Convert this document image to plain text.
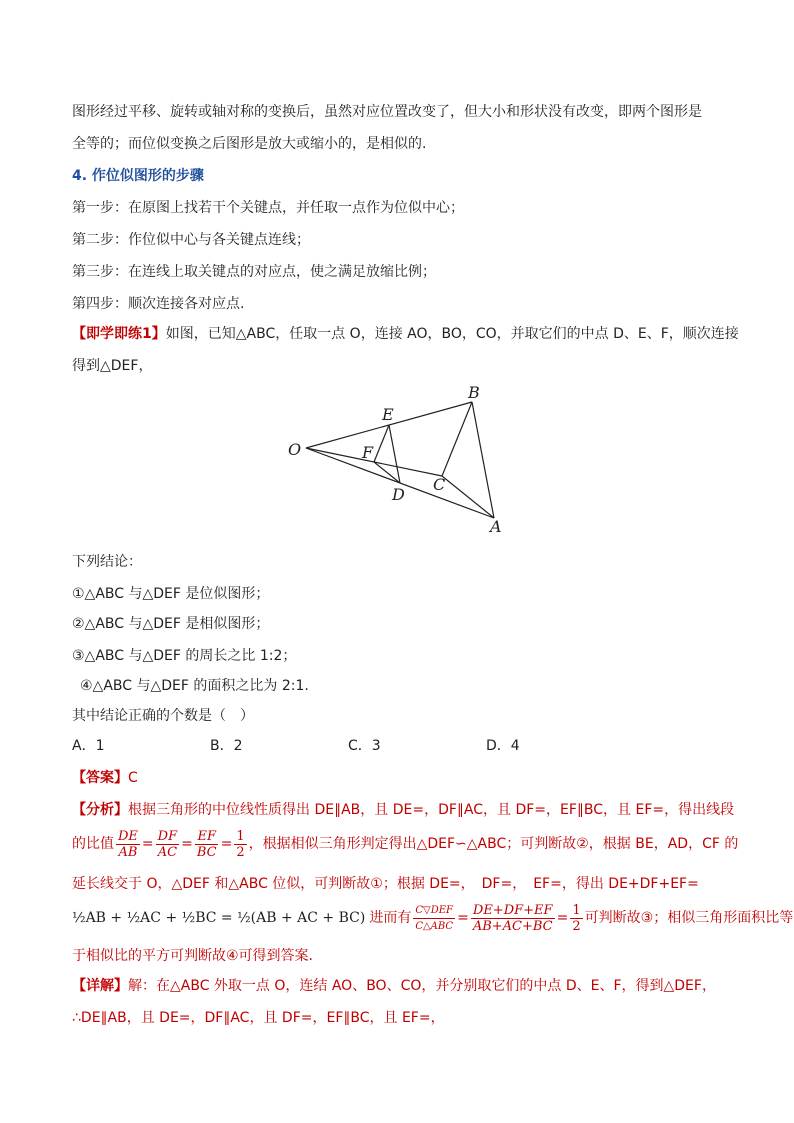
图形经过平移、旋转或轴对称的变换后，虽然对应位置改变了，但大小和形状没有改变，即两个图形是
全等的；而位似变换之后图形是放大或缩小的，是相似的.
4. 作位似图形的步骤
第一步：在原图上找若干个关键点，并任取一点作为位似中心；
第二步：作位似中心与各关键点连线；
第三步：在连线上取关键点的对应点，使之满足放缩比例；
第四步：顺次连接各对应点.
【即学即练1】如图，已知△ABC，任取一点 O，连接 AO，BO，CO，并取它们的中点 D、E、F，顺次连接
得到△DEF，
O
E
F
D
C
B
A
下列结论：
①△ABC 与△DEF 是位似图形；
②△ABC 与△DEF 是相似图形；
③△ABC 与△DEF 的周长之比 1:2；
④△ABC 与△DEF 的面积之比为 2:1.
其中结论正确的个数是（　）
A．1	B．2	C．3	D．4
【答案】C
【分析】根据三角形的中位线性质得出 DE∥AB，且 DE=，DF∥AC，且 DF=，EF∥BC，且 EF=，得出线段
的比值 $\frac{DE}{AB} = \frac{DF}{AC} = \frac{EF}{BC} = \frac{1}{2}$ ，根据相似三角形判定得出△DEF∽△ABC；可判断故②，根据 BE，AD，CF 的
延长线交于 O，△DEF 和△ABC 位似，可判断故①；根据 DE=，　DF=，　EF=，得出 DE+DF+EF=
½AB + ½AC + ½BC = ½(AB + AC + BC) 进而有 $\frac{\text{C▽DEF}}{\text{C△ABC}} = \frac{DE+DF+EF}{AB+AC+BC} = \frac{1}{2}$ 可判断故③；相似三角形面积比等
于相似比的平方可判断故④可得到答案.
【详解】解：在△ABC 外取一点 O，连结 AO、BO、CO，并分别取它们的中点 D、E、F，得到△DEF，
∴DE∥AB，且 DE=，DF∥AC，且 DF=，EF∥BC，且 EF=，
